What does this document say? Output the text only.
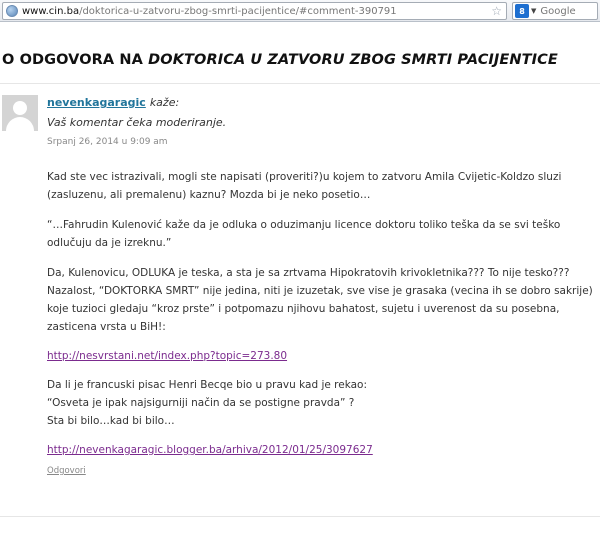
www.cin.ba/doktorica-u-zatvoru-zbog-smrti-pacijentice/#comment-390791	☆	8 ▼ Google
O ODGOVORA NA DOKTORICA U ZATVORU ZBOG SMRTI PACIJENTICE
nevenkagaragic kaže:
Vaš komentar čeka moderiranje.
Srpanj 26, 2014 u 9:09 am
Kad ste vec istrazivali, mogli ste napisati (proveriti?)u kojem to zatvoru Amila Cvijetic-Koldzo sluzi
(zasluzenu, ali premalenu) kaznu? Mozda bi je neko posetio…
“…Fahrudin Kulenović kaže da je odluka o oduzimanju licence doktoru toliko teška da se svi teško
odlučuju da je izreknu.”
Da, Kulenovicu, ODLUKA je teska, a sta je sa zrtvama Hipokratovih krivokletnika??? To nije tesko???
Nazalost, “DOKTORKA SMRT” nije jedina, niti je izuzetak, sve vise je grasaka (vecina ih se dobro sakrije)
koje tuzioci gledaju “kroz prste” i potpomazu njihovu bahatost, sujetu i uverenost da su posebna,
zasticena vrsta u BiH!:
http://nesvrstani.net/index.php?topic=273.80
Da li je francuski pisac Henri Becqe bio u pravu kad je rekao:
“Osveta je ipak najsigurniji način da se postigne pravda” ?
Sta bi bilo…kad bi bilo…
http://nevenkagaragic.blogger.ba/arhiva/2012/01/25/3097627
Odgovori
